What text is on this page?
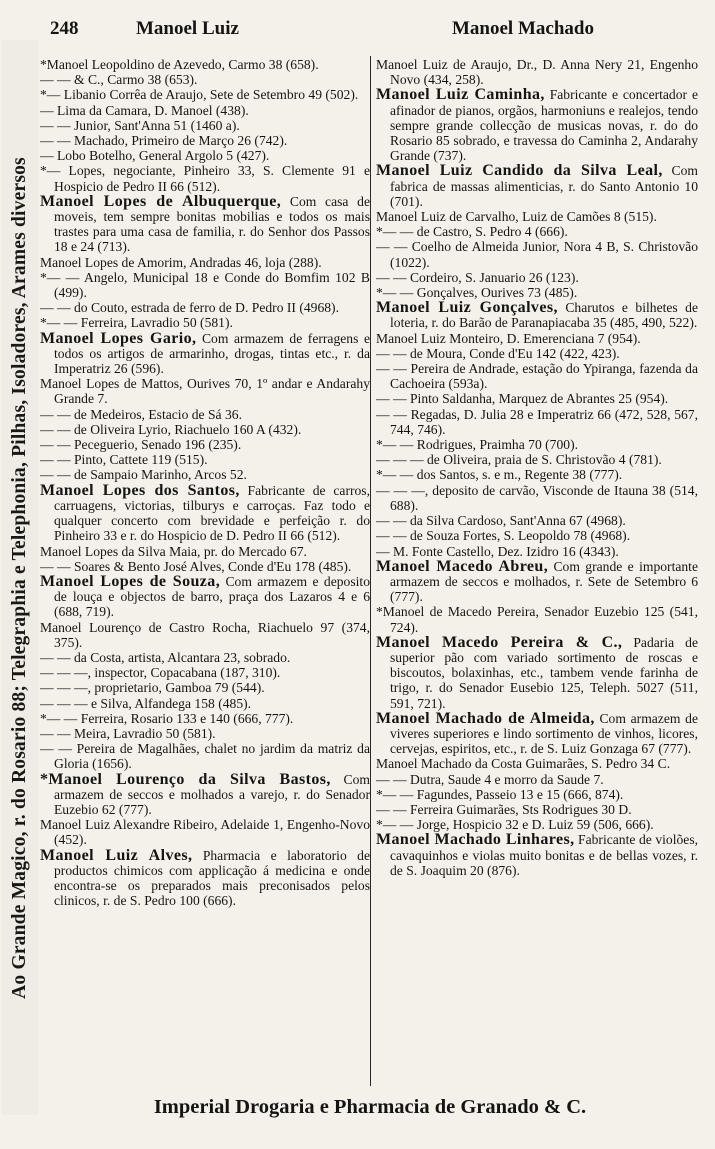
Ao Grande Magico, r. do Rosario 88; Telegraphia e Telephonia, Pilhas, Isoladores, Arames diversos
248	Manoel Luiz	Manoel Machado

*Manoel Leopoldino de Azevedo, Carmo 38 (658).

— — & C., Carmo 38 (653).

*— Libanio Corrêa de Araujo, Sete de Setembro 49 (502).

— Lima da Camara, D. Manoel (438).

— — Junior, Sant'Anna 51 (1460 a).

— — Machado, Primeiro de Março 26 (742).

— Lobo Botelho, General Argolo 5 (427).

*— Lopes, negociante, Pinheiro 33, S. Clemente 91 e Hospicio de Pedro II 66 (512).

Manoel Lopes de Albuquerque, Com casa de moveis, tem sempre bonitas mobilias e todos os mais trastes para uma casa de familia, r. do Senhor dos Passos 18 e 24 (713).

Manoel Lopes de Amorim, Andradas 46, loja (288).

*— — Angelo, Municipal 18 e Conde do Bomfim 102 B (499).

— — do Couto, estrada de ferro de D. Pedro II (4968).

*— — Ferreira, Lavradio 50 (581).

Manoel Lopes Gario, Com armazem de ferragens e todos os artigos de armarinho, drogas, tintas etc., r. da Imperatriz 26 (596).

Manoel Lopes de Mattos, Ourives 70, 1º andar e Andarahy Grande 7.

— — de Medeiros, Estacio de Sá 36.

— — de Oliveira Lyrio, Riachuelo 160 A (432).

— — Peceguerio, Senado 196 (235).

— — Pinto, Cattete 119 (515).

— — de Sampaio Marinho, Arcos 52.

Manoel Lopes dos Santos, Fabricante de carros, carruagens, victorias, tilburys e carroças. Faz todo e qualquer concerto com brevidade e perfeição r. do Pinheiro 33 e r. do Hospicio de D. Pedro II 66 (512).

Manoel Lopes da Silva Maia, pr. do Mercado 67.

— — Soares & Bento José Alves, Conde d'Eu 178 (485).

Manoel Lopes de Souza, Com armazem e deposito de louça e objectos de barro, praça dos Lazaros 4 e 6 (688, 719).

Manoel Lourenço de Castro Rocha, Riachuelo 97 (374, 375).

— — da Costa, artista, Alcantara 23, sobrado.

— — —, inspector, Copacabana (187, 310).

— — —, proprietario, Gamboa 79 (544).

— — — e Silva, Alfandega 158 (485).

*— — Ferreira, Rosario 133 e 140 (666, 777).

— — Meira, Lavradio 50 (581).

— — Pereira de Magalhães, chalet no jardim da matriz da Gloria (1656).

*Manoel Lourenço da Silva Bastos, Com armazem de seccos e molhados a varejo, r. do Senador Euzebio 62 (777).

Manoel Luiz Alexandre Ribeiro, Adelaide 1, Engenho-Novo (452).

Manoel Luiz Alves, Pharmacia e laboratorio de productos chimicos com applicação á medicina e onde encontra-se os preparados mais preconisados pelos clinicos, r. de S. Pedro 100 (666).

Manoel Luiz de Araujo, Dr., D. Anna Nery 21, Engenho Novo (434, 258).

Manoel Luiz Caminha, Fabricante e concertador e afinador de pianos, orgãos, harmoniuns e realejos, tendo sempre grande collecção de musicas novas, r. do do Rosario 85 sobrado, e travessa do Caminha 2, Andarahy Grande (737).

Manoel Luiz Candido da Silva Leal, Com fabrica de massas alimenticias, r. do Santo Antonio 10 (701).

Manoel Luiz de Carvalho, Luiz de Camões 8 (515).

*— — de Castro, S. Pedro 4 (666).

— — Coelho de Almeida Junior, Nora 4 B, S. Christovão (1022).

— — Cordeiro, S. Januario 26 (123).

*— — Gonçalves, Ourives 73 (485).

Manoel Luiz Gonçalves, Charutos e bilhetes de loteria, r. do Barão de Paranapiacaba 35 (485, 490, 522).

Manoel Luiz Monteiro, D. Emerenciana 7 (954).

— — de Moura, Conde d'Eu 142 (422, 423).

— — Pereira de Andrade, estação do Ypiranga, fazenda da Cachoeira (593a).

— — Pinto Saldanha, Marquez de Abrantes 25 (954).

— — Regadas, D. Julia 28 e Imperatriz 66 (472, 528, 567, 744, 746).

*— — Rodrigues, Praimha 70 (700).

— — — de Oliveira, praia de S. Christovão 4 (781).

*— — dos Santos, s. e m., Regente 38 (777).

— — —, deposito de carvão, Visconde de Itauna 38 (514, 688).

— — da Silva Cardoso, Sant'Anna 67 (4968).

— — de Souza Fortes, S. Leopoldo 78 (4968).

— M. Fonte Castello, Dez. Izidro 16 (4343).

Manoel Macedo Abreu, Com grande e importante armazem de seccos e molhados, r. Sete de Setembro 6 (777).

*Manoel de Macedo Pereira, Senador Euzebio 125 (541, 724).

Manoel Macedo Pereira & C., Padaria de superior pão com variado sortimento de roscas e biscoutos, bolaxinhas, etc., tambem vende farinha de trigo, r. do Senador Eusebio 125, Teleph. 5027 (511, 591, 721).

Manoel Machado de Almeida, Com armazem de viveres superiores e lindo sortimento de vinhos, licores, cervejas, espiritos, etc., r. de S. Luiz Gonzaga 67 (777).

Manoel Machado da Costa Guimarães, S. Pedro 34 C.

— — Dutra, Saude 4 e morro da Saude 7.

*— — Fagundes, Passeio 13 e 15 (666, 874).

— — Ferreira Guimarães, Sts Rodrigues 30 D.

*— — Jorge, Hospicio 32 e D. Luiz 59 (506, 666).

Manoel Machado Linhares, Fabricante de violões, cavaquinhos e violas muito bonitas e de bellas vozes, r. de S. Joaquim 20 (876).

Imperial Drogaria e Pharmacia de Granado & C.
